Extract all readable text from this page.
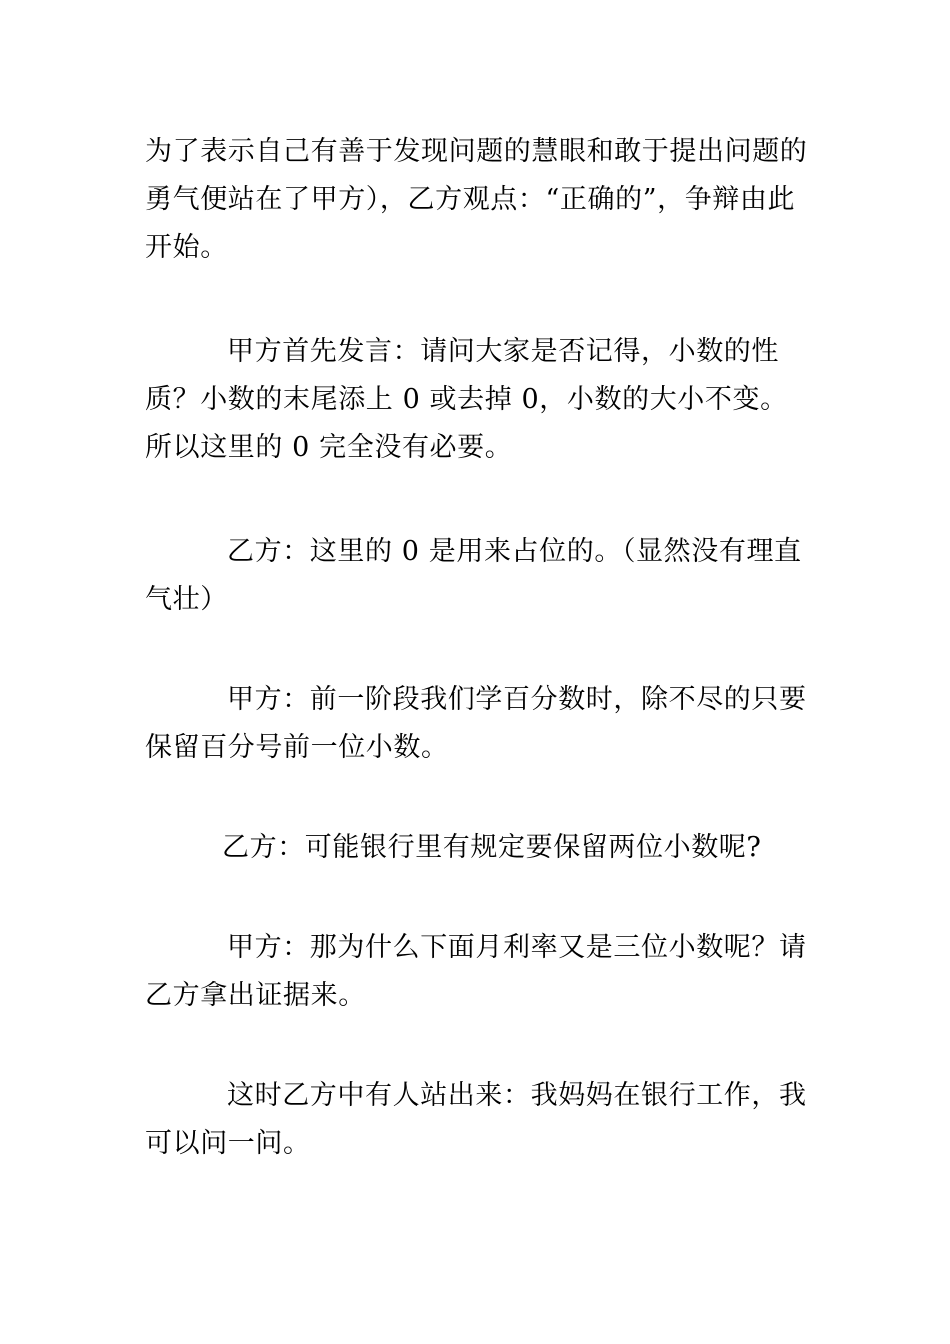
为了表示自己有善于发现问题的慧眼和敢于提出问题的勇气便站在了甲方），乙方观点：“正确的”，争辩由此开始。

甲方首先发言：请问大家是否记得，小数的性质？小数的末尾添上 0 或去掉 0，小数的大小不变。所以这里的 0 完全没有必要。

乙方：这里的 0 是用来占位的。（显然没有理直气壮）

甲方：前一阶段我们学百分数时，除不尽的只要保留百分号前一位小数。

乙方：可能银行里有规定要保留两位小数呢?

甲方：那为什么下面月利率又是三位小数呢？请乙方拿出证据来。

这时乙方中有人站出来：我妈妈在银行工作，我可以问一问。
